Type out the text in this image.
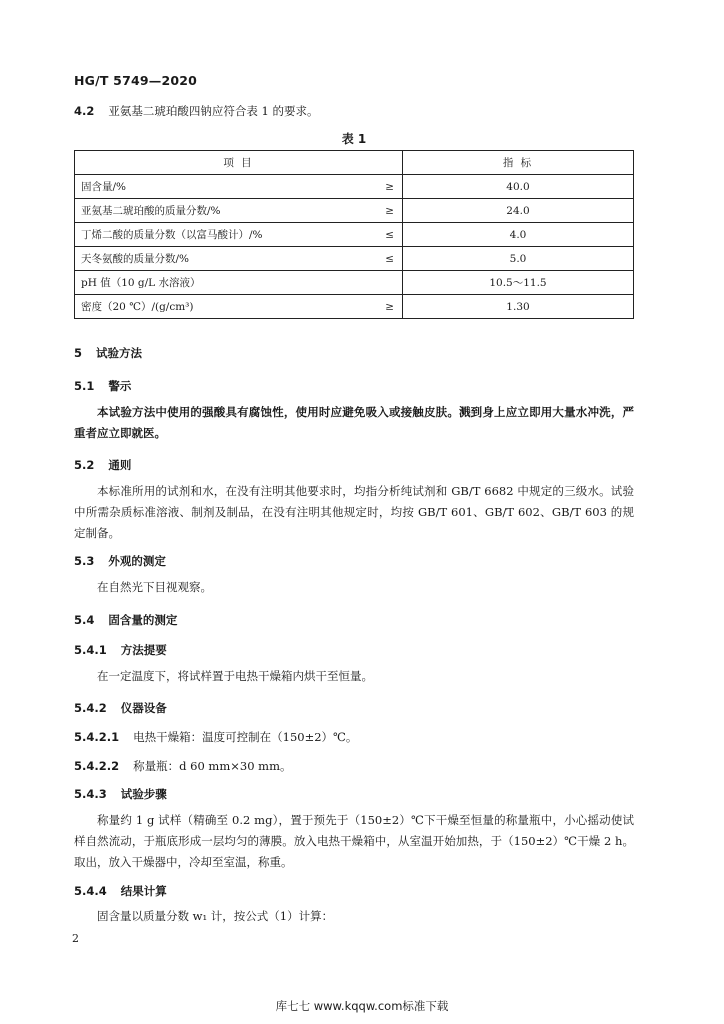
HG/T 5749—2020
4.2 亚氨基二琥珀酸四钠应符合表 1 的要求。
表 1
项 目		指 标
固含量/%	≥	40.0
亚氨基二琥珀酸的质量分数/%	≥	24.0
丁烯二酸的质量分数（以富马酸计）/%	≤	4.0
天冬氨酸的质量分数/%	≤	5.0
pH 值（10 g/L 水溶液）		10.5～11.5
密度（20 ℃）/(g/cm³)	≥	1.30
5 试验方法
5.1 警示
本试验方法中使用的强酸具有腐蚀性，使用时应避免吸入或接触皮肤。溅到身上应立即用大量水冲洗，严重者应立即就医。
5.2 通则
本标准所用的试剂和水，在没有注明其他要求时，均指分析纯试剂和 GB/T 6682 中规定的三级水。试验中所需杂质标准溶液、制剂及制品，在没有注明其他规定时，均按 GB/T 601、GB/T 602、GB/T 603 的规定制备。
5.3 外观的测定
在自然光下目视观察。
5.4 固含量的测定
5.4.1 方法提要
在一定温度下，将试样置于电热干燥箱内烘干至恒量。
5.4.2 仪器设备
5.4.2.1 电热干燥箱：温度可控制在（150±2）℃。
5.4.2.2 称量瓶：d 60 mm×30 mm。
5.4.3 试验步骤
称量约 1 g 试样（精确至 0.2 mg），置于预先于（150±2）℃下干燥至恒量的称量瓶中，小心摇动使试样自然流动，于瓶底形成一层均匀的薄膜。放入电热干燥箱中，从室温开始加热，于（150±2）℃干燥 2 h。取出，放入干燥器中，冷却至室温，称重。
5.4.4 结果计算
固含量以质量分数 w₁ 计，按公式（1）计算：
2
库七七 www.kqqw.com标准下载
